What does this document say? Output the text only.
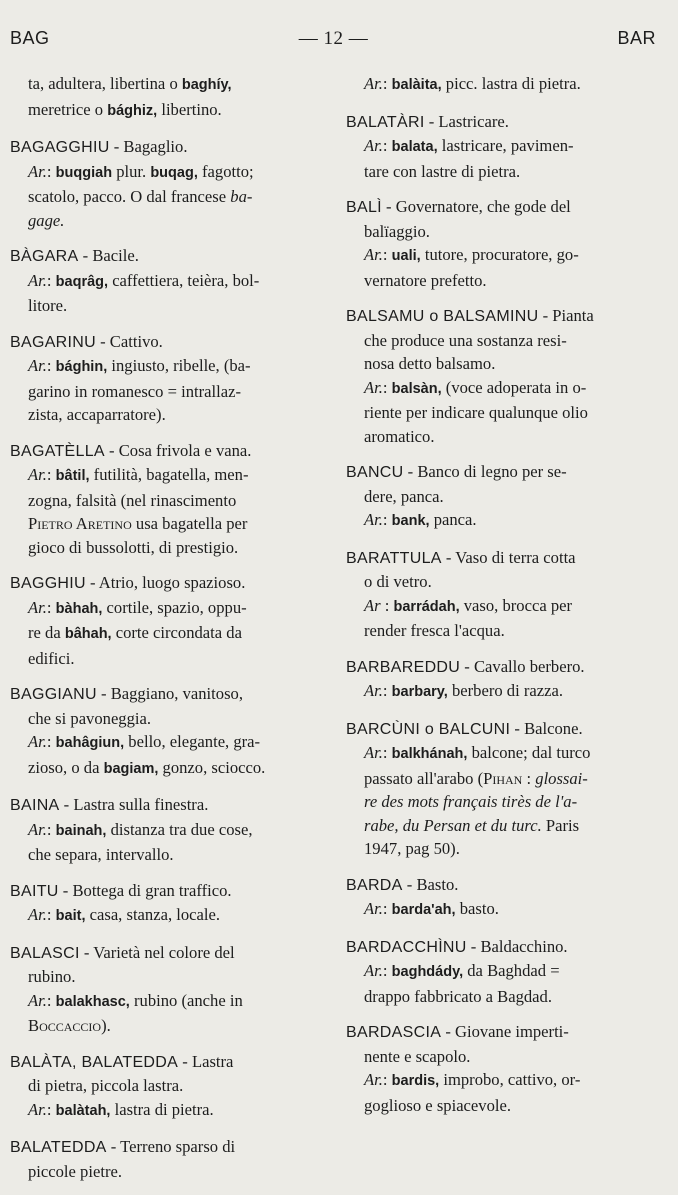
BAG	— 12 —	BAR

ta, adultera, libertina o baghíy,

meretrice o bághiz, libertino.

BAGAGGHIU - Bagaglio.

Ar.: buqgiah plur. buqag, fagotto;

scatolo, pacco. O dal francese ba-

gage.

BÀGARA - Bacile.

Ar.: baqrâg, caffettiera, teièra, bol-

litore.

BAGARINU - Cattivo.

Ar.: bághin, ingiusto, ribelle, (ba-

garino in romanesco = intrallaz-

zista, accaparratore).

BAGATÈLLA - Cosa frivola e vana.

Ar.: bâtil, futilità, bagatella, men-

zogna, falsità (nel rinascimento

Pietro Aretino usa bagatella per

gioco di bussolotti, di prestigio.

BAGGHIU - Atrio, luogo spazioso.

Ar.: bàhah, cortile, spazio, oppu-

re da bâhah, corte circondata da

edifici.

BAGGIANU - Baggiano, vanitoso,

che si pavoneggia.

Ar.: bahâgiun, bello, elegante, gra-

zioso, o da bagiam, gonzo, sciocco.

BAINA - Lastra sulla finestra.

Ar.: bainah, distanza tra due cose,

che separa, intervallo.

BAITU - Bottega di gran traffico.

Ar.: bait, casa, stanza, locale.

BALASCI - Varietà nel colore del

rubino.

Ar.: balakhasc, rubino (anche in

Boccaccio).

BALÀTA, BALATEDDA - Lastra

di pietra, piccola lastra.

Ar.: balàtah, lastra di pietra.

BALATEDDA - Terreno sparso di

piccole pietre.

Ar.: balàita, picc. lastra di pietra.

BALATÀRI - Lastricare.

Ar.: balata, lastricare, pavimen-

tare con lastre di pietra.

BALÌ - Governatore, che gode del

balïaggio.

Ar.: uali, tutore, procuratore, go-

vernatore prefetto.

BALSAMU o BALSAMINU - Pianta

che produce una sostanza resi-

nosa detto balsamo.

Ar.: balsàn, (voce adoperata in o-

riente per indicare qualunque olio

aromatico.

BANCU - Banco di legno per se-

dere, panca.

Ar.: bank, panca.

BARATTULA - Vaso di terra cotta

o di vetro.

Ar : barrádah, vaso, brocca per

render fresca l'acqua.

BARBAREDDU - Cavallo berbero.

Ar.: barbary, berbero di razza.

BARCÙNI o BALCUNI - Balcone.

Ar.: balkhánah, balcone; dal turco

passato all'arabo (Pihan : glossai-

re des mots français tirès de l'a-

rabe, du Persan et du turc. Paris

1947, pag 50).

BARDA - Basto.

Ar.: barda'ah, basto.

BARDACCHÌNU - Baldacchino.

Ar.: baghdády, da Baghdad =

drappo fabbricato a Bagdad.

BARDASCIA - Giovane imperti-

nente e scapolo.

Ar.: bardis, improbo, cattivo, or-

goglioso e spiacevole.
